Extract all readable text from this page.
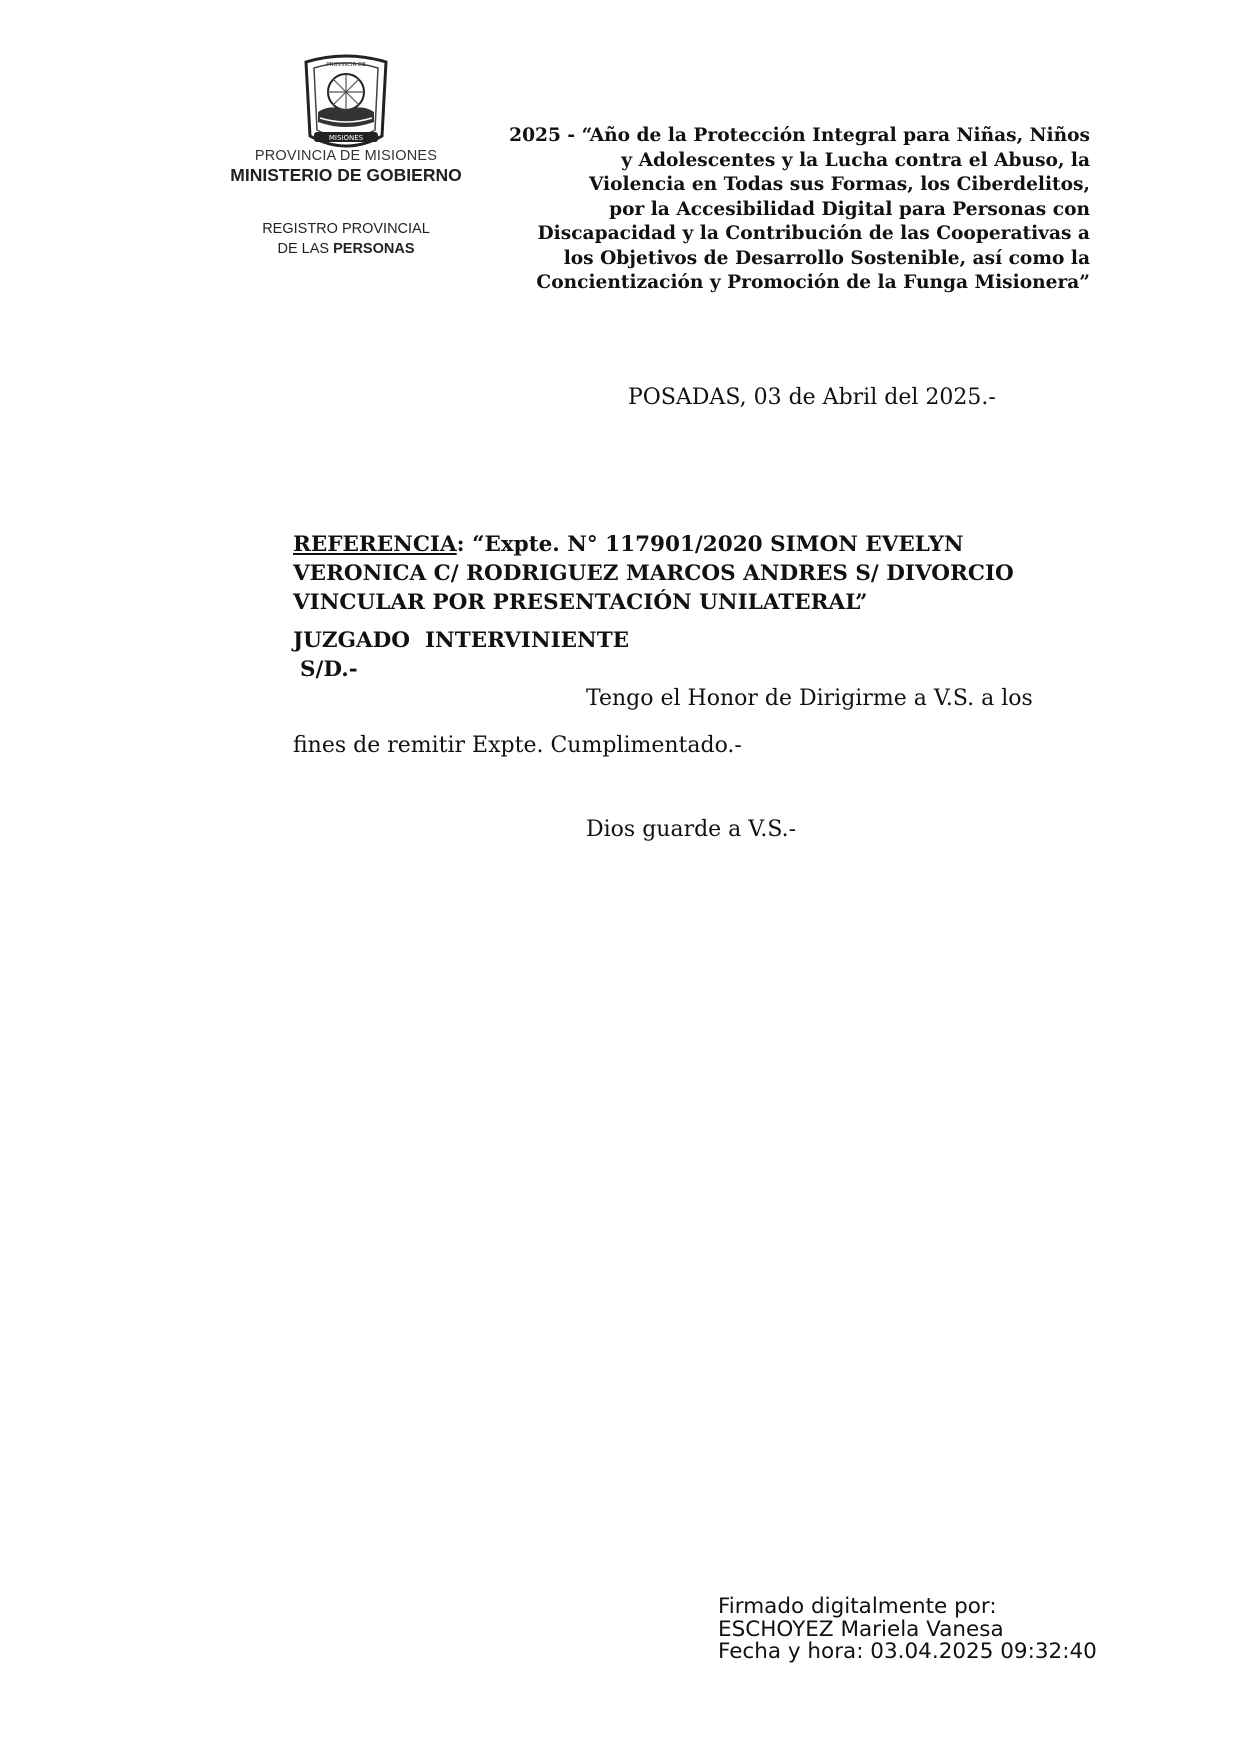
MISIONES
PROVINCIA DE
PROVINCIA DE MISIONES
MINISTERIO DE GOBIERNO
REGISTRO PROVINCIAL
DE LAS PERSONAS
2025 - “Año de la Protección Integral para Niñas, Niños
y Adolescentes y la Lucha contra el Abuso, la
Violencia en Todas sus Formas, los Ciberdelitos,
por la Accesibilidad Digital para Personas con
Discapacidad y la Contribución de las Cooperativas a
los Objetivos de Desarrollo Sostenible, así como la
Concientización y Promoción de la Funga Misionera”
POSADAS, 03 de Abril del 2025.-
REFERENCIA: “Expte. N° 117901/2020 SIMON EVELYN
VERONICA C/ RODRIGUEZ MARCOS ANDRES S/ DIVORCIO
VINCULAR POR PRESENTACIÓN UNILATERAL”
JUZGADO  INTERVINIENTE
S/D.-
Tengo el Honor de Dirigirme a V.S. a los
fines de remitir Expte. Cumplimentado.-
Dios guarde a V.S.-
Firmado digitalmente por:
ESCHOYEZ Mariela Vanesa
Fecha y hora: 03.04.2025 09:32:40
